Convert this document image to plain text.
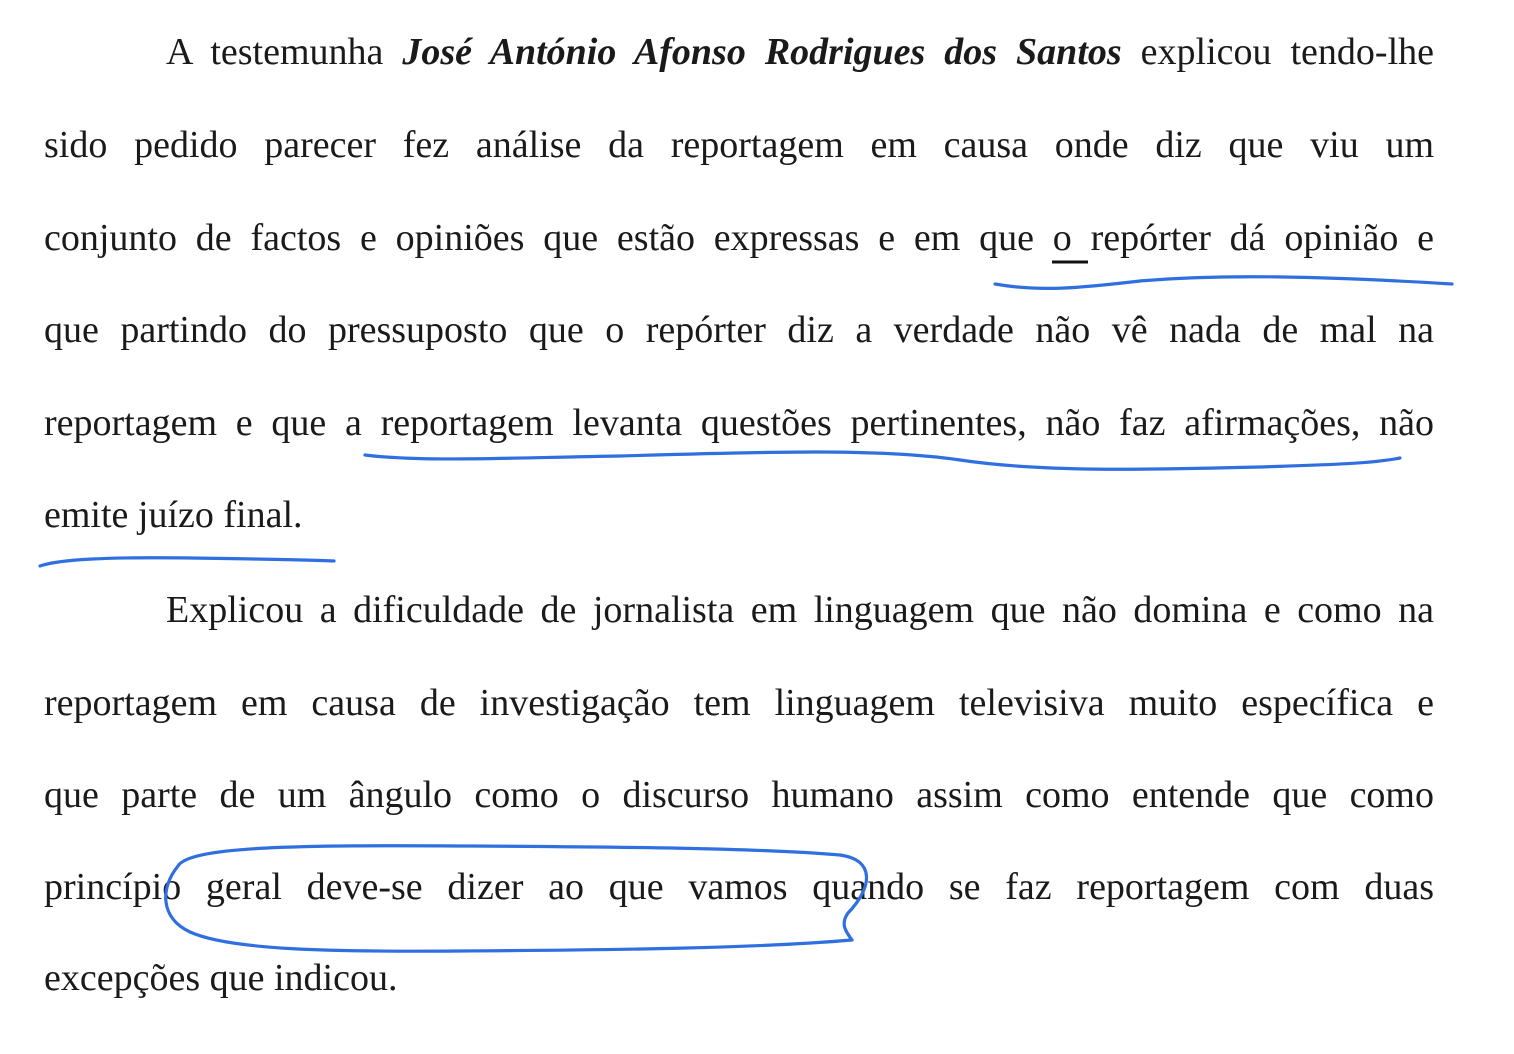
A testemunha José António Afonso Rodrigues dos Santos explicou tendo-lhe
sido pedido parecer fez análise da reportagem em causa onde diz que viu um
conjunto de factos e opiniões que estão expressas e em que o repórter dá opinião e
que partindo do pressuposto que o repórter diz a verdade não vê nada de mal na
reportagem e que a reportagem levanta questões pertinentes, não faz afirmações, não
emite juízo final.
Explicou a dificuldade de jornalista em linguagem que não domina e como na
reportagem em causa de investigação tem linguagem televisiva muito específica e
que parte de um ângulo como o discurso humano assim como entende que como
princípio geral deve-se dizer ao que vamos quando se faz reportagem com duas
excepções que indicou.
